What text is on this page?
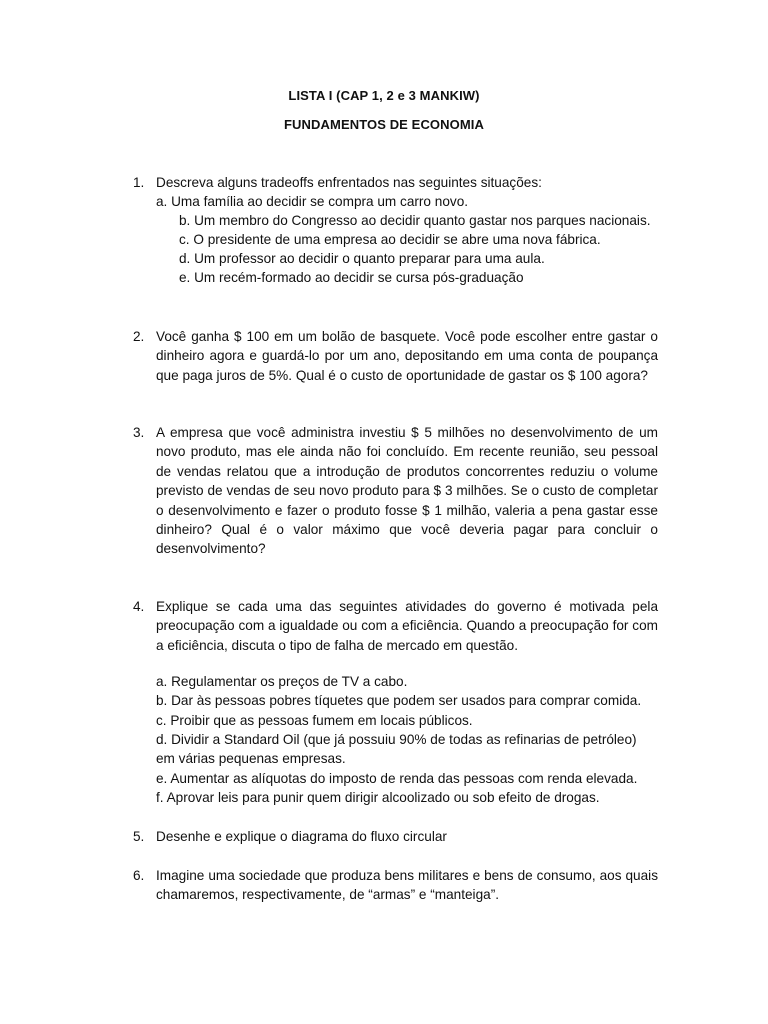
LISTA I (CAP 1, 2 e 3 MANKIW)
FUNDAMENTOS DE ECONOMIA
1. Descreva alguns tradeoffs enfrentados nas seguintes situações:
a. Uma família ao decidir se compra um carro novo.
b. Um membro do Congresso ao decidir quanto gastar nos parques nacionais.
c. O presidente de uma empresa ao decidir se abre uma nova fábrica.
d. Um professor ao decidir o quanto preparar para uma aula.
e. Um recém-formado ao decidir se cursa pós-graduação
2. Você ganha $ 100 em um bolão de basquete. Você pode escolher entre gastar o dinheiro agora e guardá-lo por um ano, depositando em uma conta de poupança que paga juros de 5%. Qual é o custo de oportunidade de gastar os $ 100 agora?
3. A empresa que você administra investiu $ 5 milhões no desenvolvimento de um novo produto, mas ele ainda não foi concluído. Em recente reunião, seu pessoal de vendas relatou que a introdução de produtos concorrentes reduziu o volume previsto de vendas de seu novo produto para $ 3 milhões. Se o custo de completar o desenvolvimento e fazer o produto fosse $ 1 milhão, valeria a pena gastar esse dinheiro? Qual é o valor máximo que você deveria pagar para concluir o desenvolvimento?
4. Explique se cada uma das seguintes atividades do governo é motivada pela preocupação com a igualdade ou com a eficiência. Quando a preocupação for com a eficiência, discuta o tipo de falha de mercado em questão.
a. Regulamentar os preços de TV a cabo.
b. Dar às pessoas pobres tíquetes que podem ser usados para comprar comida.
c. Proibir que as pessoas fumem em locais públicos.
d. Dividir a Standard Oil (que já possuiu 90% de todas as refinarias de petróleo)
em várias pequenas empresas.
e. Aumentar as alíquotas do imposto de renda das pessoas com renda elevada.
f. Aprovar leis para punir quem dirigir alcoolizado ou sob efeito de drogas.
5. Desenhe e explique o diagrama do fluxo circular
6. Imagine uma sociedade que produza bens militares e bens de consumo, aos quais chamaremos, respectivamente, de “armas” e “manteiga”.
